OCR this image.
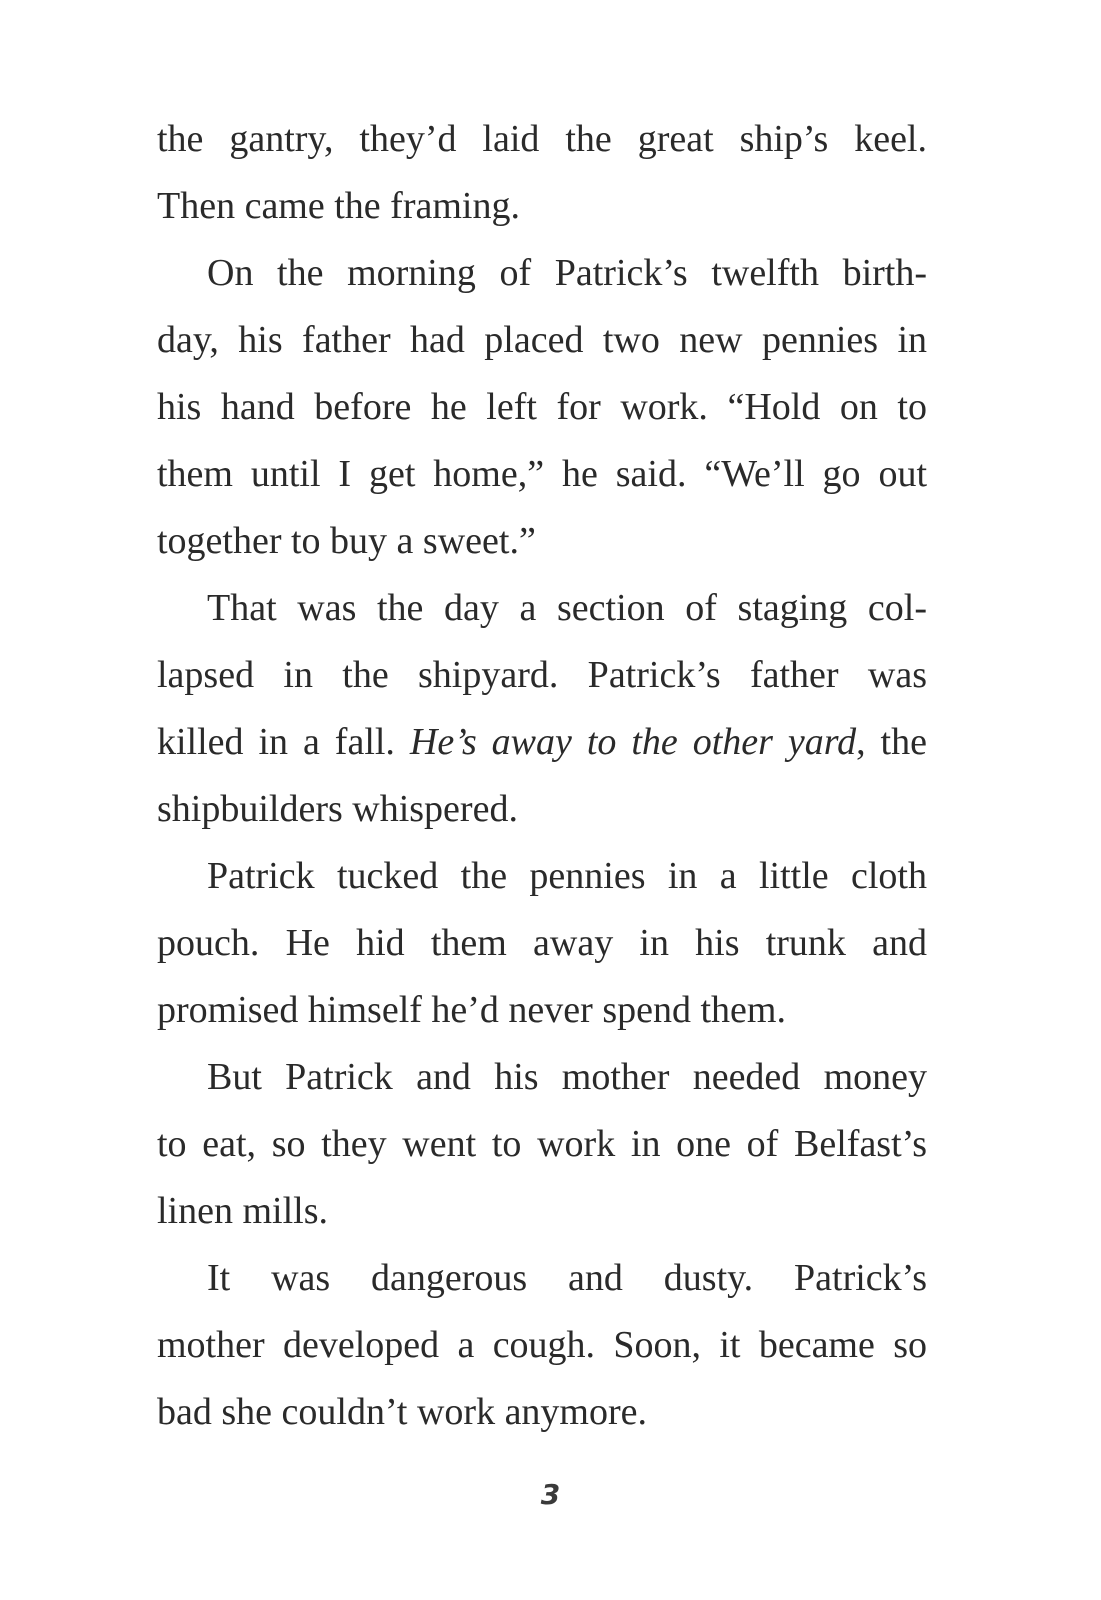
the gantry, they’d laid the great ship’s keel.
Then came the framing.

On the morning of Patrick’s twelfth birth-
day, his father had placed two new pennies in
his hand before he left for work. “Hold on to
them until I get home,” he said. “We’ll go out
together to buy a sweet.”

That was the day a section of staging col-
lapsed in the shipyard. Patrick’s father was
killed in a fall. He’s away to the other yard, the
shipbuilders whispered.

Patrick tucked the pennies in a little cloth
pouch. He hid them away in his trunk and
promised himself he’d never spend them.

But Patrick and his mother needed money
to eat, so they went to work in one of Belfast’s
linen mills.

It was dangerous and dusty. Patrick’s
mother developed a cough. Soon, it became so
bad she couldn’t work anymore.

3
